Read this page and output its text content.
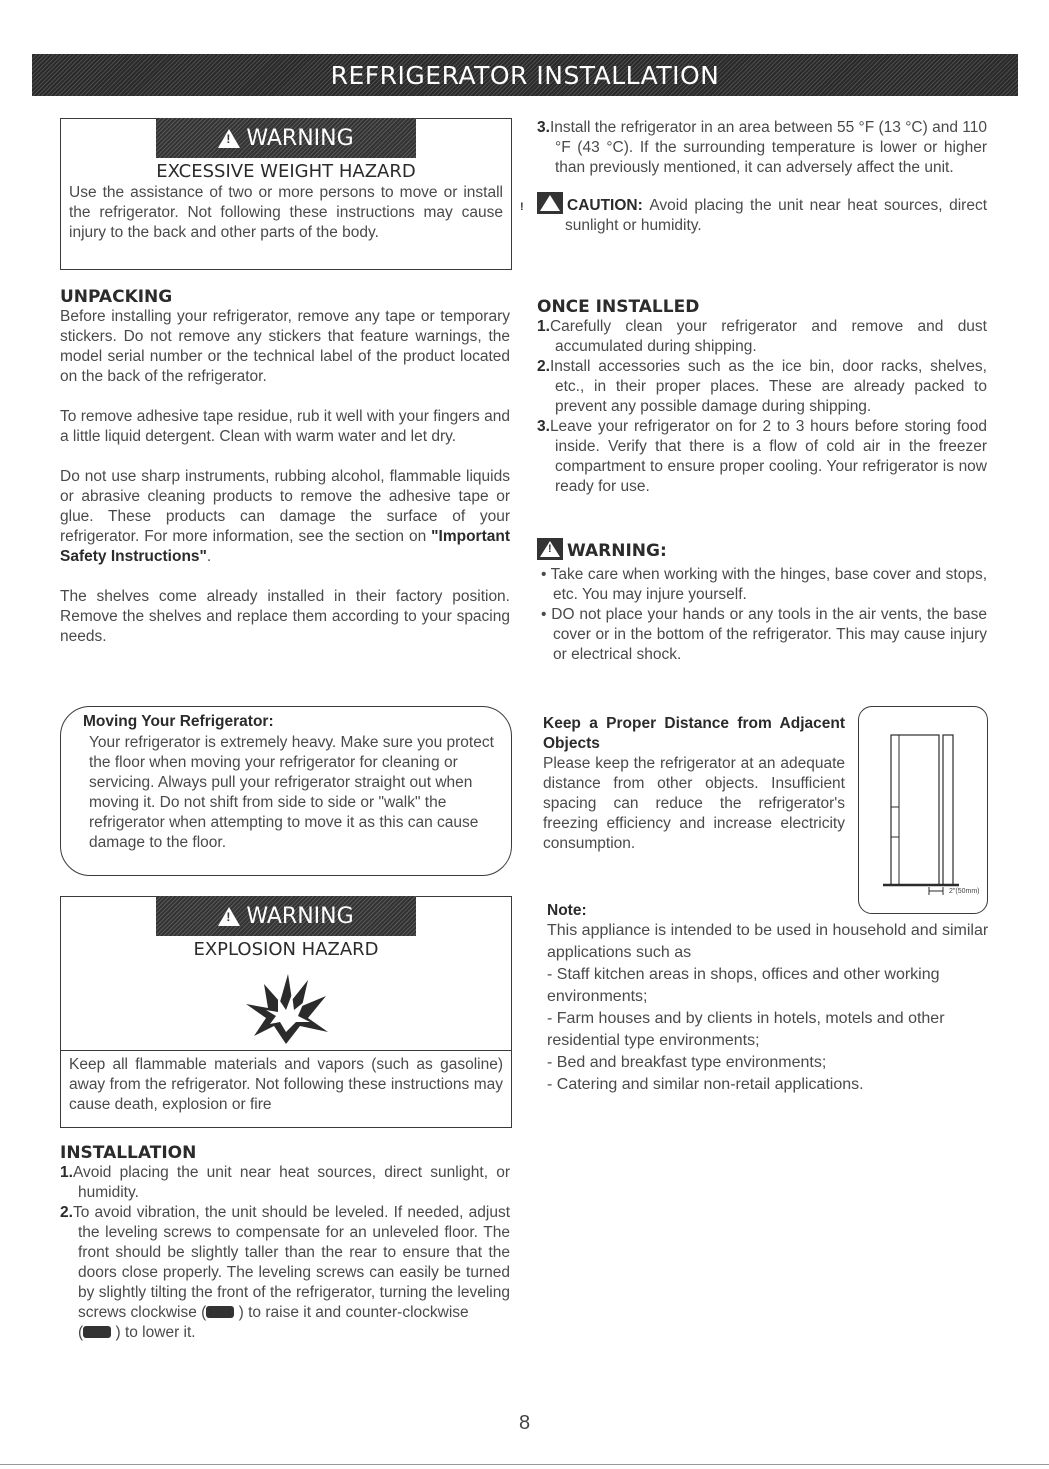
REFRIGERATOR INSTALLATION
!
WARNING
EXCESSIVE WEIGHT HAZARD
Use the assistance of two or more persons to move or install the refrigerator. Not following these instructions may cause injury to the back and other parts of the body.
UNPACKING
Before installing your refrigerator, remove any tape or temporary stickers. Do not remove any stickers that feature warnings, the model serial number or the technical label of the product located on the back of the refrigerator.
To remove adhesive tape residue, rub it well with your fingers and a little liquid detergent. Clean with warm water and let dry.
Do not use sharp instruments, rubbing alcohol, flammable liquids or abrasive cleaning products to remove the adhesive tape or glue. These products can damage the surface of your refrigerator. For more information, see the section on "Important Safety Instructions".
The shelves come already installed in their factory position. Remove the shelves and replace them according to your spacing needs.
Moving Your Refrigerator:
Your refrigerator is extremely heavy. Make sure you protect the floor when moving your refrigerator for cleaning or servicing. Always pull your refrigerator straight out when moving it. Do not shift from side to side or "walk" the refrigerator when attempting to move it as this can cause damage to the floor.
!
WARNING
EXPLOSION HAZARD
Keep all flammable materials and vapors (such as gasoline) away from the refrigerator. Not following these instructions may cause death, explosion or fire
INSTALLATION
1.Avoid placing the unit near heat sources, direct sunlight, or humidity.
2.To avoid vibration, the unit should be leveled. If needed, adjust the leveling screws to compensate for an unleveled floor. The front should be slightly taller than the rear to ensure that the doors close properly. The leveling screws can easily be turned by slightly tilting the front of the refrigerator, turning the leveling screws clockwise ( ) to raise it and counter-clockwise
( ) to lower it.
3.Install the refrigerator in an area between 55 °F (13 °C) and 110 °F (43 °C). If the surrounding temperature is lower or higher than previously mentioned, it can adversely affect the unit.
!CAUTION: Avoid placing the unit near heat sources, direct sunlight or humidity.
ONCE INSTALLED
1.Carefully clean your refrigerator and remove and dust accumulated during shipping.
2.Install accessories such as the ice bin, door racks, shelves, etc., in their proper places. These are already packed to prevent any possible damage during shipping.
3.Leave your refrigerator on for 2 to 3 hours before storing food inside. Verify that there is a flow of cold air in the freezer compartment to ensure proper cooling. Your refrigerator is now ready for use.
!WARNING:
• Take care when working with the hinges, base cover and stops, etc. You may injure yourself.
• DO not place your hands or any tools in the air vents, the base cover or in the bottom of the refrigerator. This may cause injury or electrical shock.
Keep a Proper Distance from Adjacent Objects
Please keep the refrigerator at an adequate distance from other objects. Insufficient spacing can reduce the refrigerator's freezing efficiency and increase electricity consumption.
2"(50mm)
Note:
This appliance is intended to be used in household and similar applications such as
- Staff kitchen areas in shops, offices and other working environments;
- Farm houses and by clients in hotels, motels and other residential type environments;
- Bed and breakfast type environments;
- Catering and similar non-retail applications.
8
